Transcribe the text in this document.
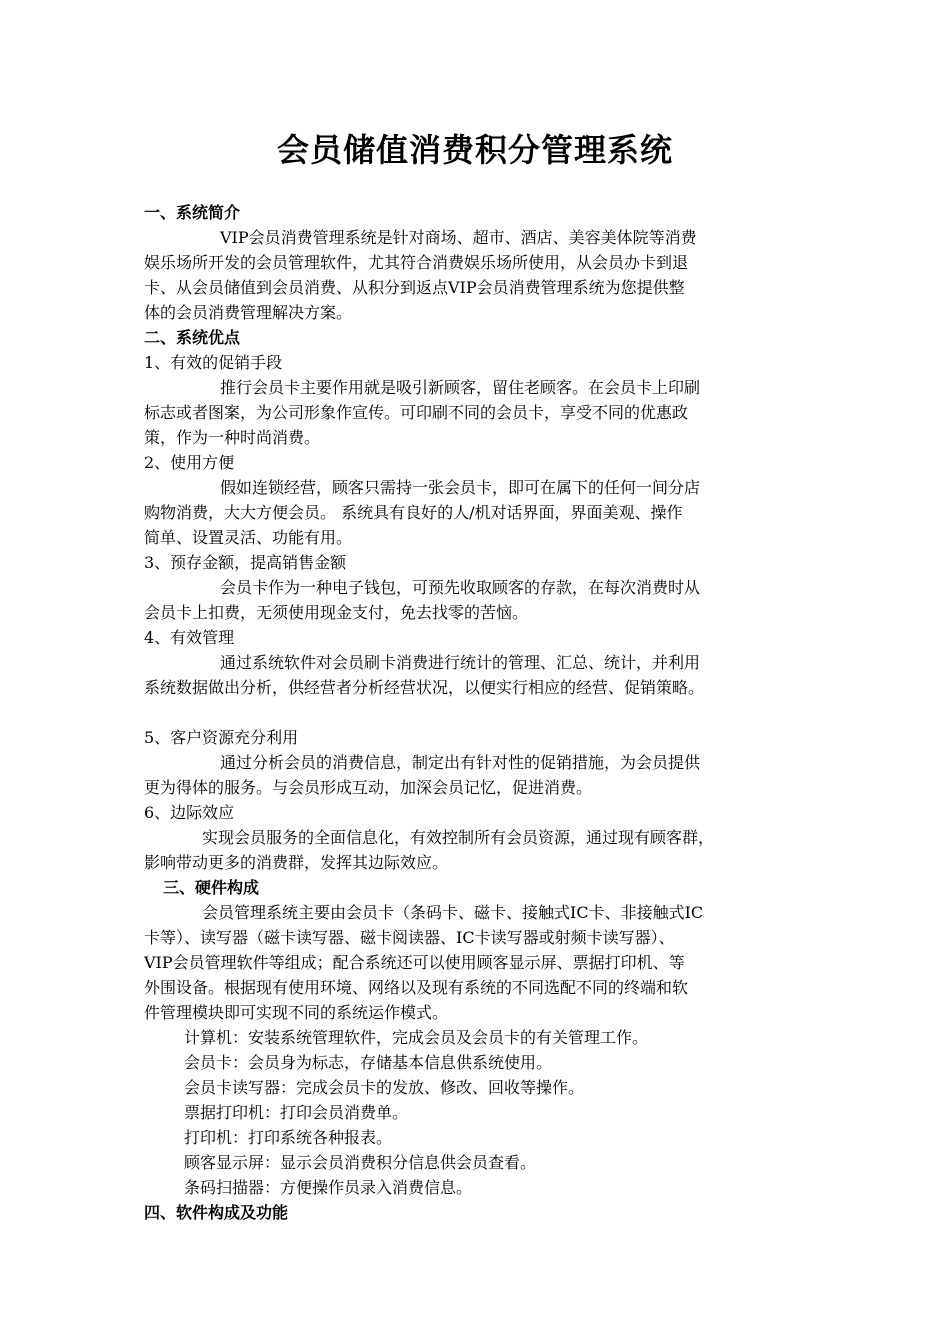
会员储值消费积分管理系统
一、系统简介
VIP会员消费管理系统是针对商场、超市、酒店、美容美体院等消费
娱乐场所开发的会员管理软件，尤其符合消费娱乐场所使用，从会员办卡到退
卡、从会员储值到会员消费、从积分到返点VIP会员消费管理系统为您提供整
体的会员消费管理解决方案。
二、系统优点
1、有效的促销手段
推行会员卡主要作用就是吸引新顾客，留住老顾客。在会员卡上印刷
标志或者图案，为公司形象作宣传。可印刷不同的会员卡，享受不同的优惠政
策，作为一种时尚消费。
2、使用方便
假如连锁经营，顾客只需持一张会员卡，即可在属下的任何一间分店
购物消费，大大方便会员。 系统具有良好的人/机对话界面，界面美观、操作
简单、设置灵活、功能有用。
3、预存金额，提高销售金额
会员卡作为一种电子钱包，可预先收取顾客的存款，在每次消费时从
会员卡上扣费，无须使用现金支付，免去找零的苦恼。
4、有效管理
通过系统软件对会员刷卡消费进行统计的管理、汇总、统计，并利用
系统数据做出分析，供经营者分析经营状况，以便实行相应的经营、促销策略。
5、客户资源充分利用
通过分析会员的消费信息，制定出有针对性的促销措施，为会员提供
更为得体的服务。与会员形成互动，加深会员记忆，促进消费。
6、边际效应
实现会员服务的全面信息化，有效控制所有会员资源，通过现有顾客群，
影响带动更多的消费群，发挥其边际效应。
三、硬件构成
会员管理系统主要由会员卡（条码卡、磁卡、接触式IC卡、非接触式IC
卡等）、读写器（磁卡读写器、磁卡阅读器、IC卡读写器或射频卡读写器）、
VIP会员管理软件等组成；配合系统还可以使用顾客显示屏、票据打印机、等
外围设备。根据现有使用环境、网络以及现有系统的不同选配不同的终端和软
件管理模块即可实现不同的系统运作模式。
计算机：安装系统管理软件，完成会员及会员卡的有关管理工作。
会员卡：会员身为标志，存储基本信息供系统使用。
会员卡读写器：完成会员卡的发放、修改、回收等操作。
票据打印机：打印会员消费单。
打印机：打印系统各种报表。
顾客显示屏：显示会员消费积分信息供会员查看。
条码扫描器：方便操作员录入消费信息。
四、软件构成及功能
